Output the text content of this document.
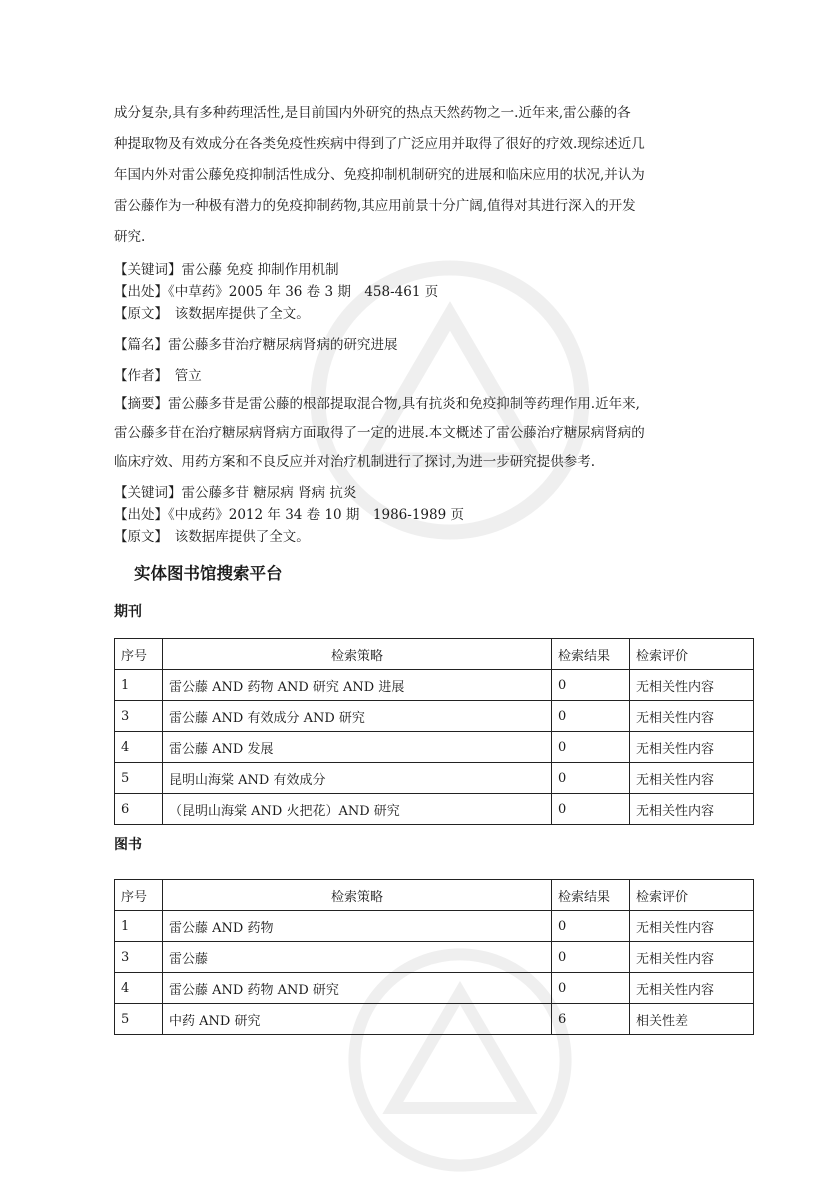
成分复杂,具有多种药理活性,是目前国内外研究的热点天然药物之一.近年来,雷公藤的各

种提取物及有效成分在各类免疫性疾病中得到了广泛应用并取得了很好的疗效.现综述近几

年国内外对雷公藤免疫抑制活性成分、免疫抑制机制研究的进展和临床应用的状况,并认为

雷公藤作为一种极有潜力的免疫抑制药物,其应用前景十分广阔,值得对其进行深入的开发

研究.

【关键词】雷公藤 免疫 抑制作用机制

【出处】《中草药》2005 年 36 卷 3 期　458-461 页

【原文】　该数据库提供了全文。

【篇名】雷公藤多苷治疗糖尿病肾病的研究进展

【作者】　管立

【摘要】雷公藤多苷是雷公藤的根部提取混合物,具有抗炎和免疫抑制等药理作用.近年来,
雷公藤多苷在治疗糖尿病肾病方面取得了一定的进展.本文概述了雷公藤治疗糖尿病肾病的
临床疗效、用药方案和不良反应并对治疗机制进行了探讨,为进一步研究提供参考.

【关键词】雷公藤多苷 糖尿病 肾病 抗炎

【出处】《中成药》2012 年 34 卷 10 期　1986-1989 页

【原文】　该数据库提供了全文。

实体图书馆搜索平台
期刊
序号	检索策略	检索结果	检索评价
1	雷公藤 AND 药物 AND 研究 AND 进展	0	无相关性内容
3	雷公藤 AND 有效成分 AND 研究	0	无相关性内容
4	雷公藤 AND 发展	0	无相关性内容
5	昆明山海棠 AND 有效成分	0	无相关性内容
6	（昆明山海棠 AND 火把花）AND 研究	0	无相关性内容
图书
序号	检索策略	检索结果	检索评价
1	雷公藤 AND 药物	0	无相关性内容
3	雷公藤	0	无相关性内容
4	雷公藤 AND 药物 AND 研究	0	无相关性内容
5	中药 AND 研究	6	相关性差
